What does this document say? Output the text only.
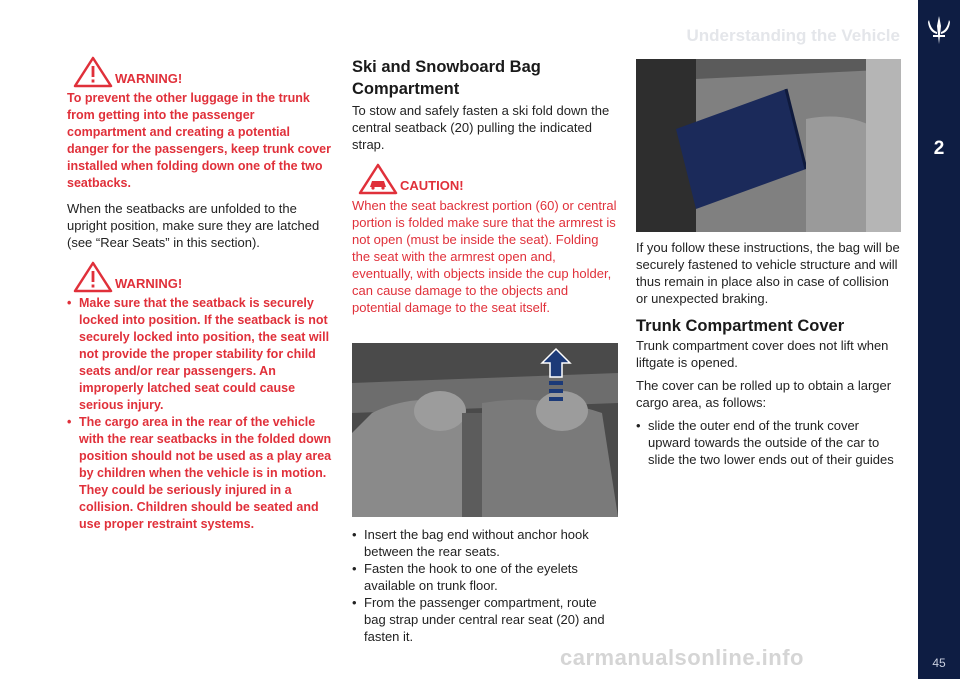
Understanding the Vehicle
2
45
WARNING!

To prevent the other luggage in the trunk from getting into the passenger compartment and creating a potential danger for the passengers, keep trunk cover installed when folding down one of the two seatbacks.

When the seatbacks are unfolded to the upright position, make sure they are latched (see “Rear Seats” in this section).

WARNING!
• Make sure that the seatback is securely locked into position. If the seatback is not securely locked into position, the seat will not provide the proper stability for child seats and/or rear passengers. An improperly latched seat could cause serious injury.
• The cargo area in the rear of the vehicle with the rear seatbacks in the folded down position should not be used as a play area by children when the vehicle is in motion. They could be seriously injured in a collision. Children should be seated and use proper restraint systems.
Ski and Snowboard Bag Compartment

To stow and safely fasten a ski fold down the central seatback (20) pulling the indicated strap.

CAUTION!

When the seat backrest portion (60) or central portion is folded make sure that the armrest is not open (must be inside the seat). Folding the seat with the armrest open and, eventually, with objects inside the cup holder, can cause damage to the objects and potential damage to the seat itself.

• Insert the bag end without anchor hook between the rear seats.
• Fasten the hook to one of the eyelets available on trunk floor.
• From the passenger compartment, route bag strap under central rear seat (20) and fasten it.

If you follow these instructions, the bag will be securely fastened to vehicle structure and will thus remain in place also in case of collision or unexpected braking.

Trunk Compartment Cover

Trunk compartment cover does not lift when liftgate is opened.

The cover can be rolled up to obtain a larger cargo area, as follows:

• slide the outer end of the trunk cover upward towards the outside of the car to slide the two lower ends out of their guides
carmanualsonline.info
